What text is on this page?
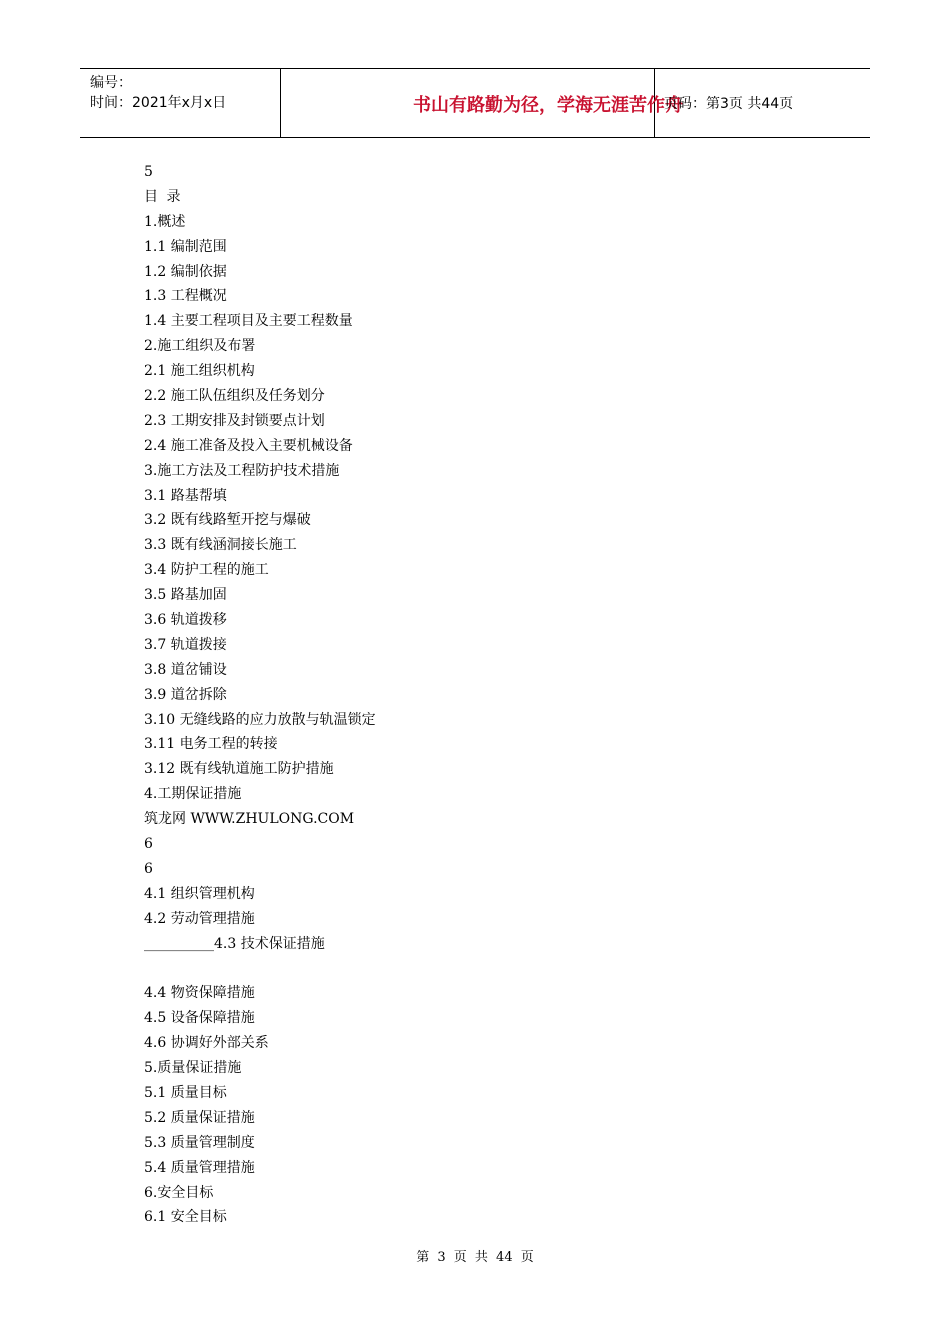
编号：
时间：2021年x月x日	书山有路勤为径，学海无涯苦作舟
页码：第3页 共44页
5
目 录
1.概述
1.1 编制范围
1.2 编制依据
1.3 工程概况
1.4 主要工程项目及主要工程数量
2.施工组织及布署
2.1 施工组织机构
2.2 施工队伍组织及任务划分
2.3 工期安排及封锁要点计划
2.4 施工准备及投入主要机械设备
3.施工方法及工程防护技术措施
3.1 路基帮填
3.2 既有线路堑开挖与爆破
3.3 既有线涵洞接长施工
3.4 防护工程的施工
3.5 路基加固
3.6 轨道拨移
3.7 轨道拨接
3.8 道岔铺设
3.9 道岔拆除
3.10 无缝线路的应力放散与轨温锁定
3.11 电务工程的转接
3.12 既有线轨道施工防护措施
4.工期保证措施
筑龙网 WWW.ZHULONG.COM
6
6
4.1 组织管理机构
4.2 劳动管理措施
__________4.3 技术保证措施
4.4 物资保障措施
4.5 设备保障措施
4.6 协调好外部关系
5.质量保证措施
5.1 质量目标
5.2 质量保证措施
5.3 质量管理制度
5.4 质量管理措施
6.安全目标
6.1 安全目标
第 3 页 共 44 页
